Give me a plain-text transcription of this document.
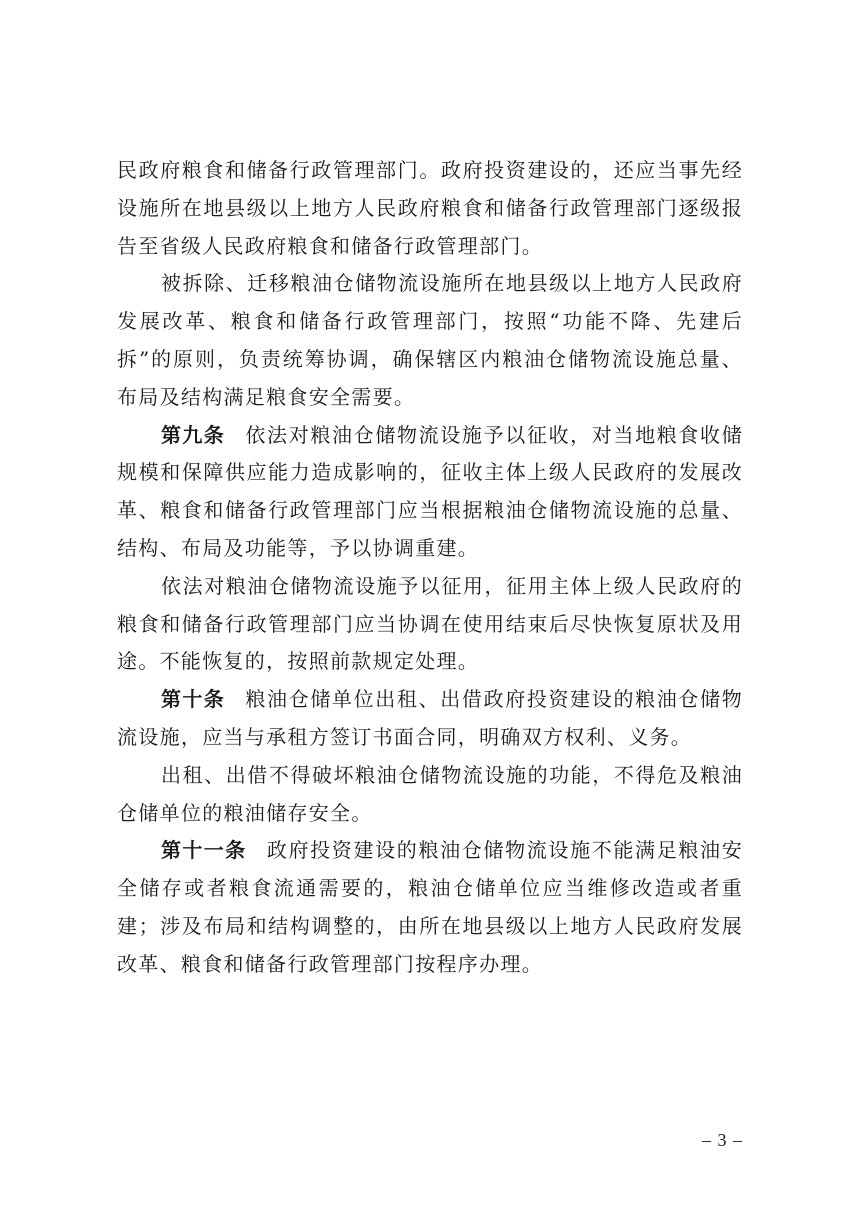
民政府粮食和储备行政管理部门。政府投资建设的，还应当事先经设施所在地县级以上地方人民政府粮食和储备行政管理部门逐级报告至省级人民政府粮食和储备行政管理部门。

被拆除、迁移粮油仓储物流设施所在地县级以上地方人民政府发展改革、粮食和储备行政管理部门，按照“功能不降、先建后拆”的原则，负责统筹协调，确保辖区内粮油仓储物流设施总量、布局及结构满足粮食安全需要。

第九条 依法对粮油仓储物流设施予以征收，对当地粮食收储规模和保障供应能力造成影响的，征收主体上级人民政府的发展改革、粮食和储备行政管理部门应当根据粮油仓储物流设施的总量、结构、布局及功能等，予以协调重建。

依法对粮油仓储物流设施予以征用，征用主体上级人民政府的粮食和储备行政管理部门应当协调在使用结束后尽快恢复原状及用途。不能恢复的，按照前款规定处理。

第十条 粮油仓储单位出租、出借政府投资建设的粮油仓储物流设施，应当与承租方签订书面合同，明确双方权利、义务。

出租、出借不得破坏粮油仓储物流设施的功能，不得危及粮油仓储单位的粮油储存安全。

第十一条 政府投资建设的粮油仓储物流设施不能满足粮油安全储存或者粮食流通需要的，粮油仓储单位应当维修改造或者重建；涉及布局和结构调整的，由所在地县级以上地方人民政府发展改革、粮食和储备行政管理部门按程序办理。

– 3 –
